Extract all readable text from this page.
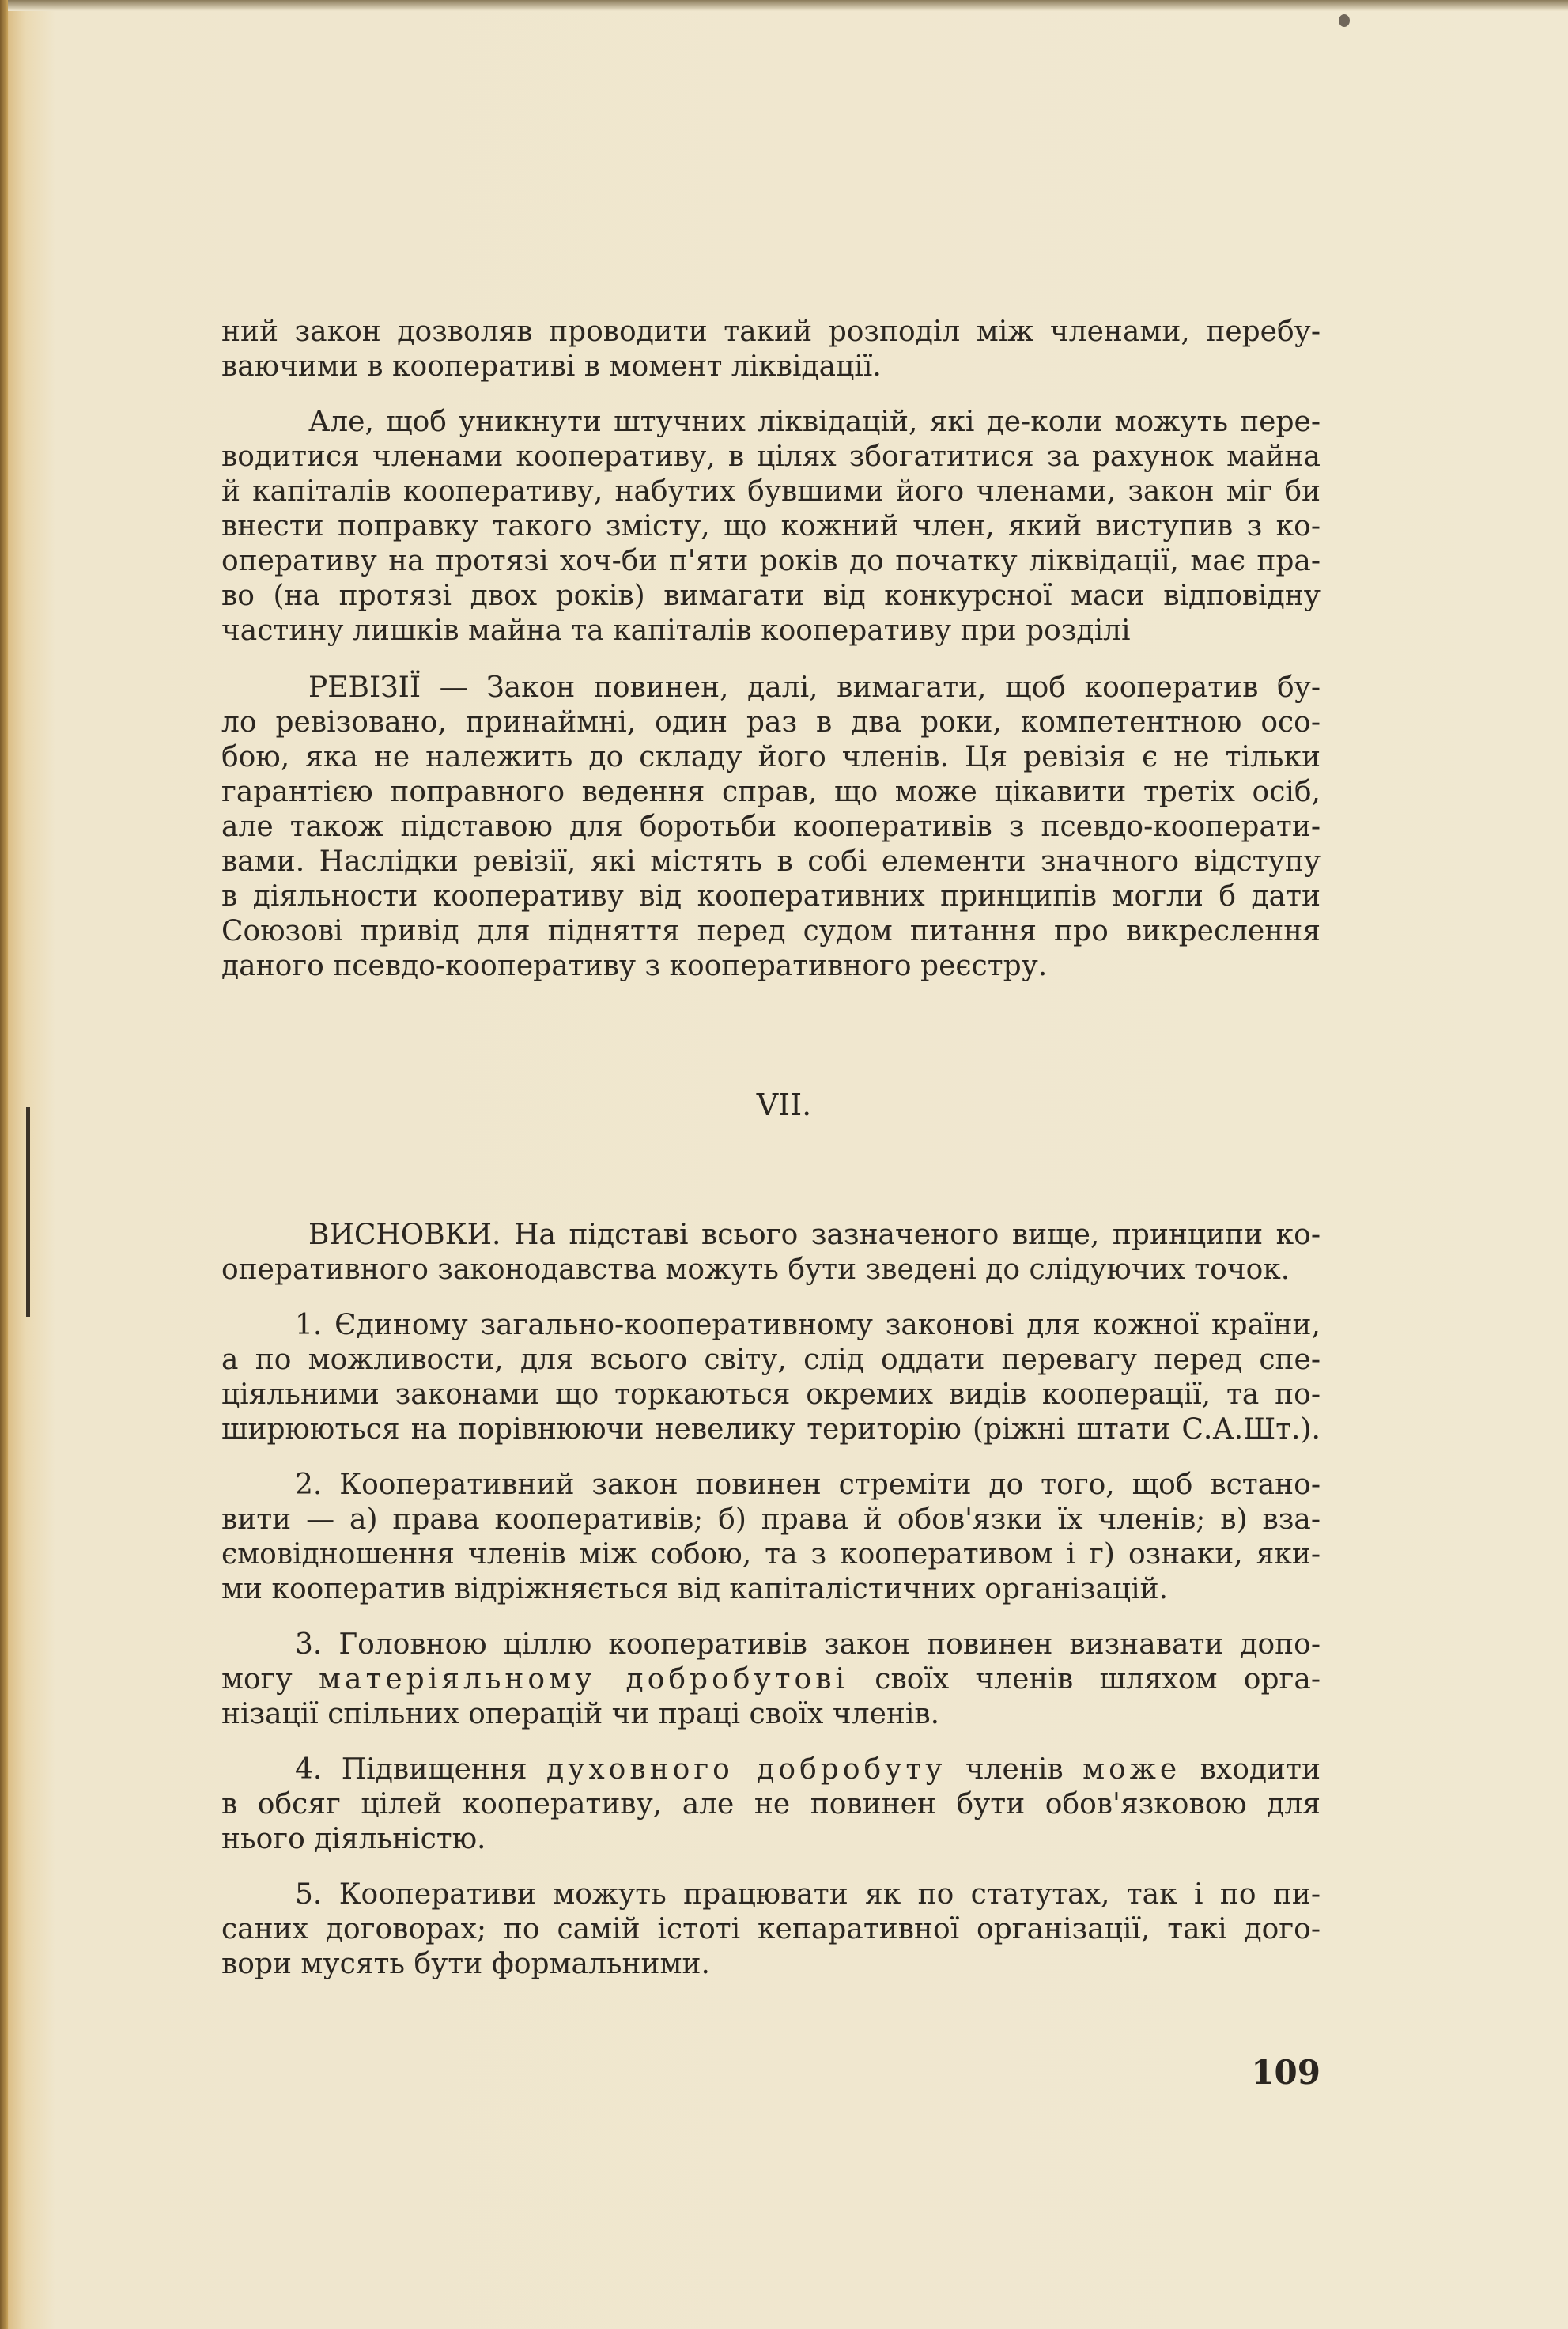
ний закон дозволяв проводити такий розподіл між членами, перебу-
ваючими в кооперативі в момент ліквідації.
Але, щоб уникнути штучних ліквідацій, які де-коли можуть пере-
водитися членами кооперативу, в цілях збогатитися за рахунок майна
й капіталів кооперативу, набутих бувшими його членами, закон міг би
внести поправку такого змісту, що кожний член, який виступив з ко-
оперативу на протязі хоч-би п'яти років до початку ліквідації, має пра-
во (на протязі двох років) вимагати від конкурсної маси відповідну
частину лишків майна та капіталів кооперативу при розділі
РЕВІЗІЇ — Закон повинен, далі, вимагати, щоб кооператив бу-
ло ревізовано, принаймні, один раз в два роки, компетентною осо-
бою, яка не належить до складу його членів. Ця ревізія є не тільки
гарантією поправного ведення справ, що може цікавити третіх осіб,
але також підставою для боротьби кооперативів з псевдо-кооперати-
вами. Наслідки ревізії, які містять в собі елементи значного відступу
в діяльности кооперативу від кооперативних принципів могли б дати
Союзові привід для підняття перед судом питання про викреслення
даного псевдо-кооперативу з кооперативного реєстру.
VII.
ВИСНОВКИ. На підставі всього зазначеного вище, принципи ко-
оперативного законодавства можуть бути зведені до слідуючих точок.
1. Єдиному загально-кооперативному законові для кожної країни,
а по можливости, для всього світу, слід оддати перевагу перед спе-
ціяльними законами що торкаються окремих видів кооперації, та по-
ширюються на порівнюючи невелику територію (ріжні штати С.А.Шт.).
2. Кооперативний закон повинен стреміти до того, щоб встано-
вити — а) права кооперативів; б) права й обов'язки їх членів; в) вза-
ємовідношення членів між собою, та з кооперативом і г) ознаки, яки-
ми кооператив відріжняється від капіталістичних організацій.
3. Головною ціллю кооперативів закон повинен визнавати допо-
могу матеріяльному добробутові своїх членів шляхом орга-
нізації спільних операцій чи праці своїх членів.
4. Підвищення духовного добробуту членів може входити
в обсяг цілей кооперативу, але не повинен бути обов'язковою для
нього діяльністю.
5. Кооперативи можуть працювати як по статутах, так і по пи-
саних договорах; по самій істоті кепаративної організації, такі дого-
вори мусять бути формальними.
109
